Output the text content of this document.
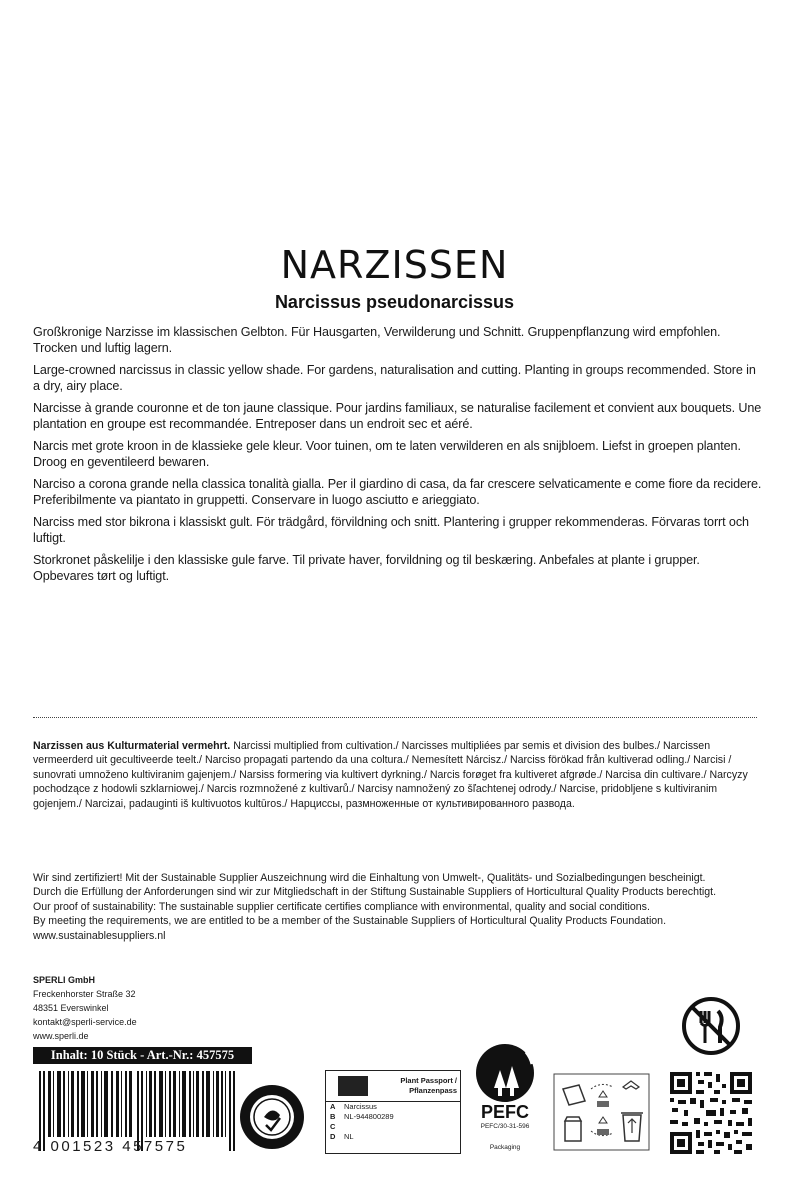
NARZISSEN
Narcissus pseudonarcissus

Großkronige Narzisse im klassischen Gelbton. Für Hausgarten, Verwilderung und Schnitt. Gruppenpflanzung wird empfohlen. Trocken und luftig lagern.

Large-crowned narcissus in classic yellow shade. For gardens, naturalisation and cutting. Planting in groups recommended. Store in a dry, airy place.

Narcisse à grande couronne et de ton jaune classique. Pour jardins familiaux, se naturalise facilement et convient aux bouquets. Une plantation en groupe est recommandée. Entreposer dans un endroit sec et aéré.

Narcis met grote kroon in de klassieke gele kleur. Voor tuinen, om te laten verwilderen en als snijbloem. Liefst in groepen planten. Droog en geventileerd bewaren.

Narciso a corona grande nella classica tonalità gialla. Per il giardino di casa, da far crescere selvaticamente e come fiore da recidere. Preferibilmente va piantato in gruppetti. Conservare in luogo asciutto e arieggiato.

Narciss med stor bikrona i klassiskt gult. För trädgård, förvildning och snitt. Plantering i grupper rekommenderas. Förvaras torrt och luftigt.

Storkronet påskelilje i den klassiske gule farve. Til private haver, forvildning og til beskæring. Anbefales at plante i grupper. Opbevares tørt og luftigt.

Narzissen aus Kulturmaterial vermehrt. Narcissi multiplied from cultivation./ Narcisses multipliées par semis et division des bulbes./ Narcissen vermeerderd uit gecultiveerde teelt./ Narciso propagati partendo da una coltura./ Nemesített Nárcisz./ Narciss förökad från kultiverad odling./ Narcisi / sunovrati umnoženo kultiviranim gajenjem./ Narsiss formering via kultivert dyrkning./ Narcis forøget fra kultiveret afgrøde./ Narcisa din cultivare./ Narcyzy pochodzące z hodowli szklarniowej./ Narcis rozmnožené z kultivarů./ Narcisy namnožený zo šľachtenej odrody./ Narcise, pridobljene s kultiviranim gojenjem./ Narcizai, padauginti iš kultivuotos kultūros./ Нарциссы, размноженные от культивированного развода.
Wir sind zertifiziert! Mit der Sustainable Supplier Auszeichnung wird die Einhaltung von Umwelt-, Qualitäts- und Sozialbedingungen bescheinigt.
Durch die Erfüllung der Anforderungen sind wir zur Mitgliedschaft in der Stiftung Sustainable Suppliers of Horticultural Quality Products berechtigt.
Our proof of sustainability: The sustainable supplier certificate certifies compliance with environmental, quality and social conditions.
By meeting the requirements, we are entitled to be a member of the Sustainable Suppliers of Horticultural Quality Products Foundation.
www.sustainablesuppliers.nl
SPERLI GmbH
Freckenhorster Straße 32
48351 Everswinkel
kontakt@sperli-service.de
www.sperli.de
Inhalt: 10 Stück - Art.-Nr.: 457575
4 001523 457575
Plant Passport /
Pflanzenpass
A	Narcissus
B	NL-944800289
C
D	NL
PEFC
PEFC/30-31-596
Packaging
